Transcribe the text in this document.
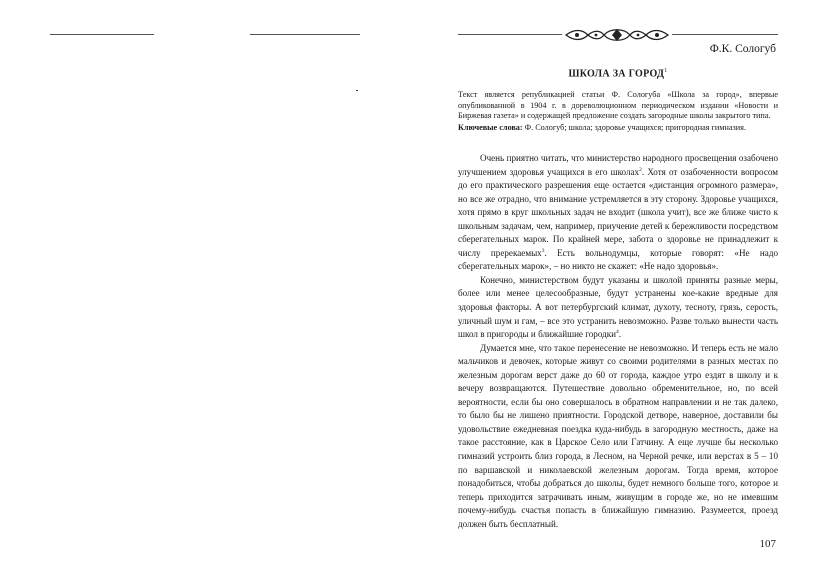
Ф.К. Сологуб
ШКОЛА ЗА ГОРОД$^1$

Текст является републикацией статьи Ф. Сологуба «Школа за город», впервые опубликованной в 1904 г. в дореволюционном периодическом издании «Новости и Биржевая газета» и содержащей предложение создать загородные школы закрытого типа.

Ключевые слова: Ф. Сологуб; школа; здоровье учащихся; пригородная гимназия.

Очень приятно читать, что министерство народного просвещения озабочено улучшением здоровья учащихся в его школах$^2$. Хотя от озабоченности вопросом до его практического разрешения еще остается «дистанция огромного размера», но все же отрадно, что внимание устремляется в эту сторону. Здоровье учащихся, хотя прямо в круг школьных задач не входит (школа учит), все же ближе чисто к школьным задачам, чем, например, приучение детей к бережливости посредством сберегательных марок. По крайней мере, забота о здоровье не принадлежит к числу пререкаемых$^3$. Есть вольнодумцы, которые говорят: «Не надо сберегательных марок», – но никто не скажет: «Не надо здоровья».

Конечно, министерством будут указаны и школой приняты разные меры, более или менее целесообразные, будут устранены кое-какие вредные для здоровья факторы. А вот петербургский климат, духоту, тесноту, грязь, серость, уличный шум и гам, – все это устранить невозможно. Разве только вынести часть школ в пригороды и ближайшие городки$^4$.

Думается мне, что такое перенесение не невозможно. И теперь есть не мало мальчиков и девочек, которые живут со своими родителями в разных местах по железным дорогам верст даже до 60 от города, каждое утро ездят в школу и к вечеру возвращаются. Путешествие довольно обременительное, но, по всей вероятности, если бы оно совершалось в обратном направлении и не так далеко, то было бы не лишено приятности. Городской детворе, наверное, доставили бы удовольствие ежедневная поездка куда-нибудь в загородную местность, даже на такое расстояние, как в Царское Село или Гатчину. А еще лучше бы несколько гимназий устроить близ города, в Лесном, на Черной речке, или верстах в 5 – 10 по варшавской и николаевской железным дорогам. Тогда время, которое понадобиться, чтобы добраться до школы, будет немного больше того, которое и теперь приходится затрачивать иным, живущим в городе же, но не имевшим почему-нибудь счастья попасть в ближайшую гимназию. Разумеется, проезд должен быть бесплатный.

107
